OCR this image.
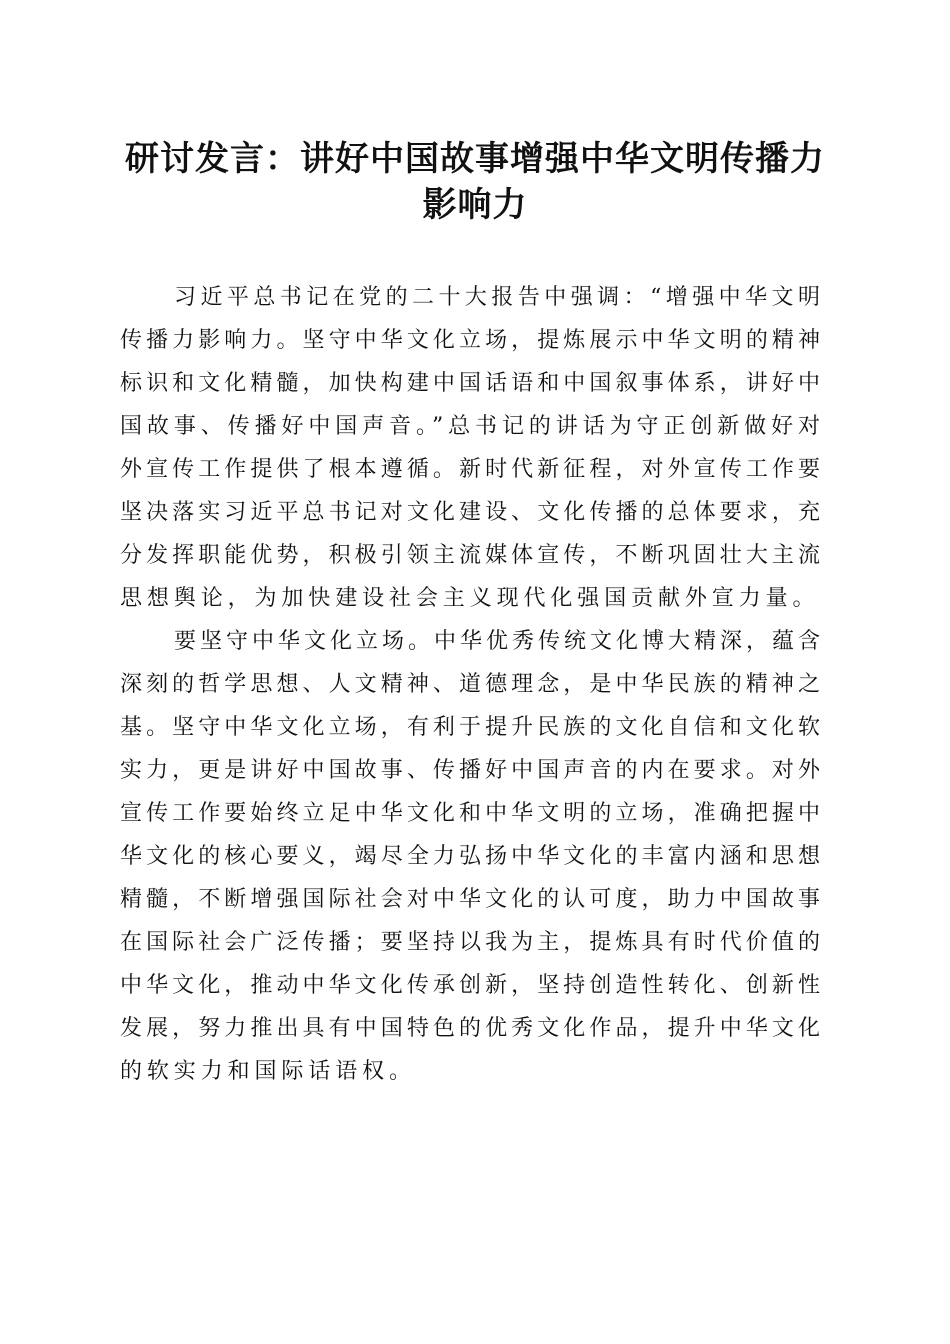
研讨发言：讲好中国故事增强中华文明传播力
影响力
习近平总书记在党的二十大报告中强调：“增强中华文明
传播力影响力。坚守中华文化立场，提炼展示中华文明的精神
标识和文化精髓，加快构建中国话语和中国叙事体系，讲好中
国故事、传播好中国声音。”总书记的讲话为守正创新做好对
外宣传工作提供了根本遵循。新时代新征程，对外宣传工作要
坚决落实习近平总书记对文化建设、文化传播的总体要求，充
分发挥职能优势，积极引领主流媒体宣传，不断巩固壮大主流
思想舆论，为加快建设社会主义现代化强国贡献外宣力量。
要坚守中华文化立场。中华优秀传统文化博大精深，蕴含
深刻的哲学思想、人文精神、道德理念，是中华民族的精神之
基。坚守中华文化立场，有利于提升民族的文化自信和文化软
实力，更是讲好中国故事、传播好中国声音的内在要求。对外
宣传工作要始终立足中华文化和中华文明的立场，准确把握中
华文化的核心要义，竭尽全力弘扬中华文化的丰富内涵和思想
精髓，不断增强国际社会对中华文化的认可度，助力中国故事
在国际社会广泛传播；要坚持以我为主，提炼具有时代价值的
中华文化，推动中华文化传承创新，坚持创造性转化、创新性
发展，努力推出具有中国特色的优秀文化作品，提升中华文化
的软实力和国际话语权。
